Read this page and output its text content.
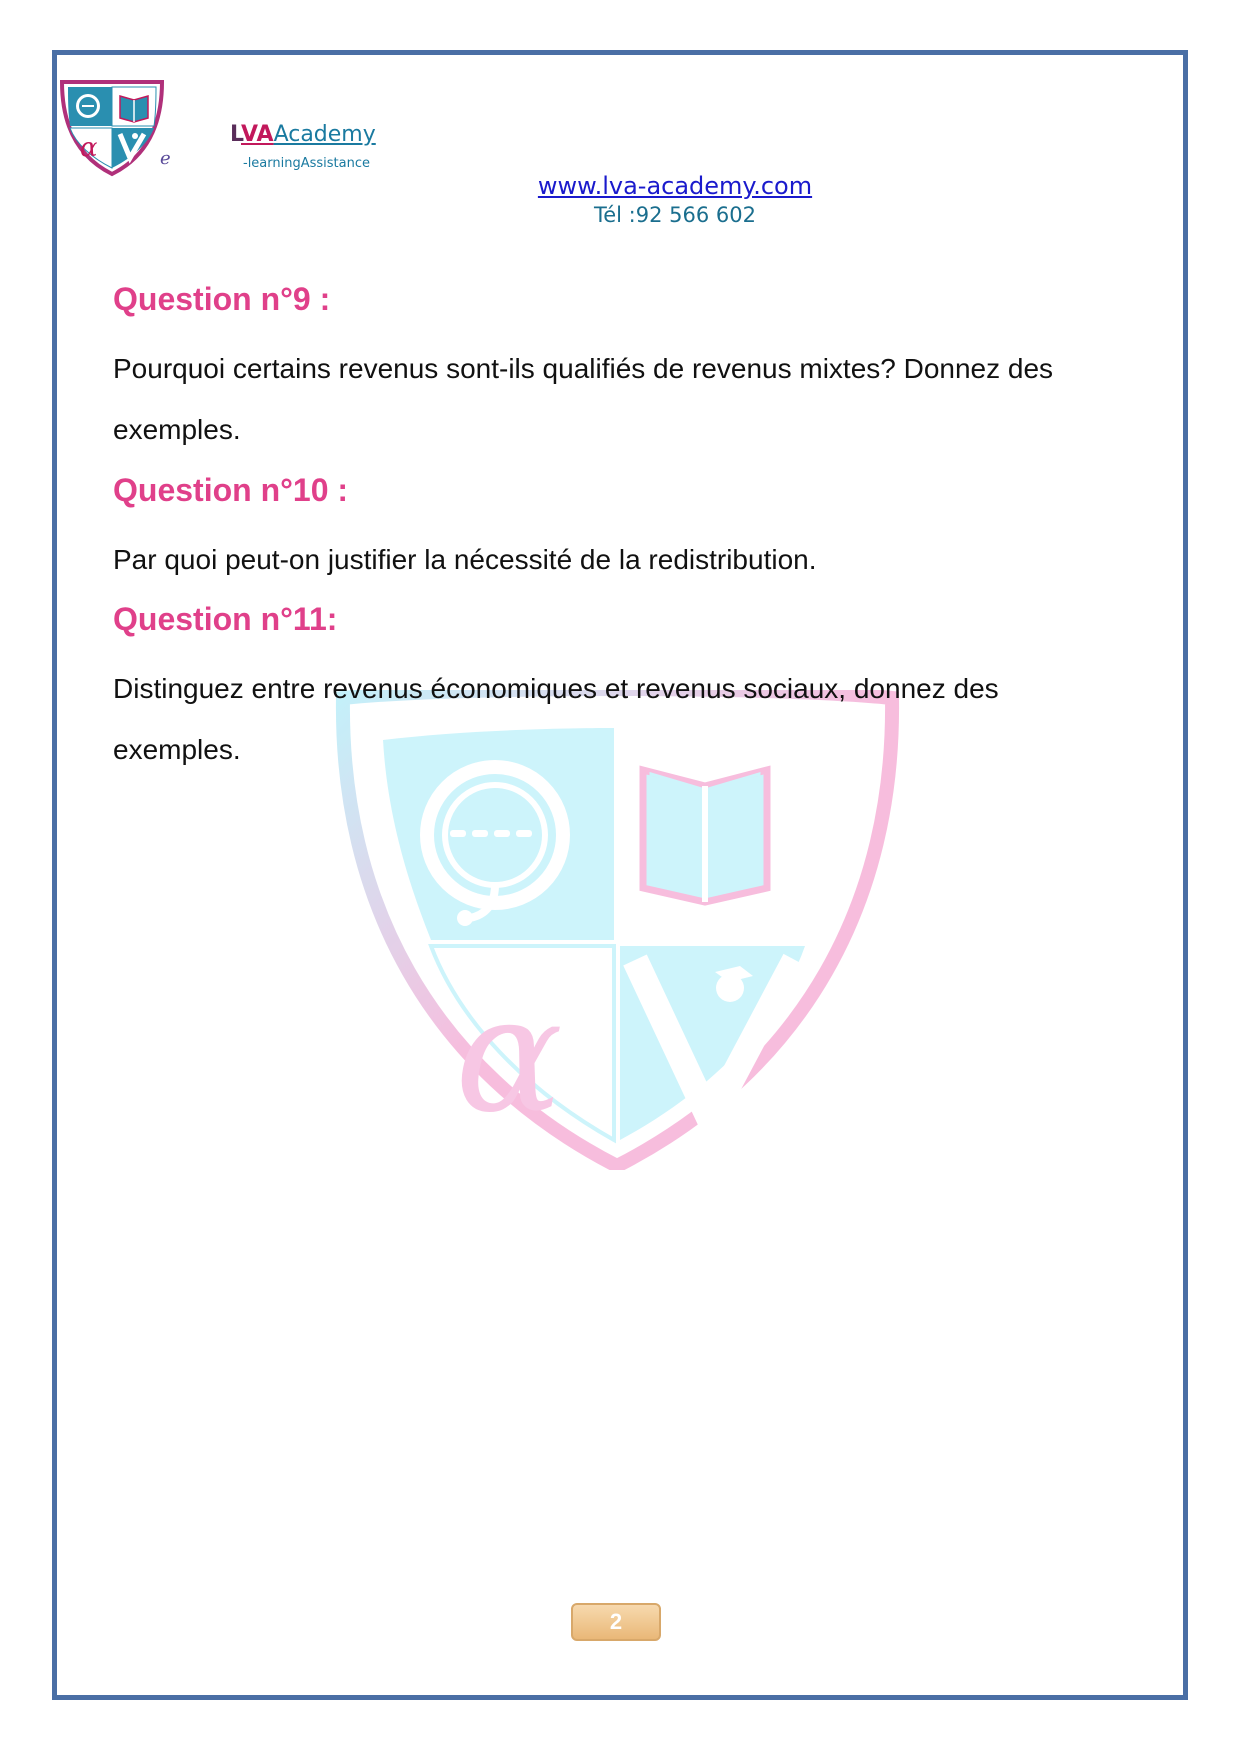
α	e
LVAAcademy
-learningAssistance
www.lva-academy.com
Tél :92 566 602
α
Question n°9 :
Pourquoi certains revenus sont-ils qualifiés de revenus mixtes? Donnez des exemples.
Question n°10 :
Par quoi peut-on justifier la nécessité de la redistribution.
Question n°11:
Distinguez entre revenus économiques et revenus sociaux, donnez des exemples.
2
